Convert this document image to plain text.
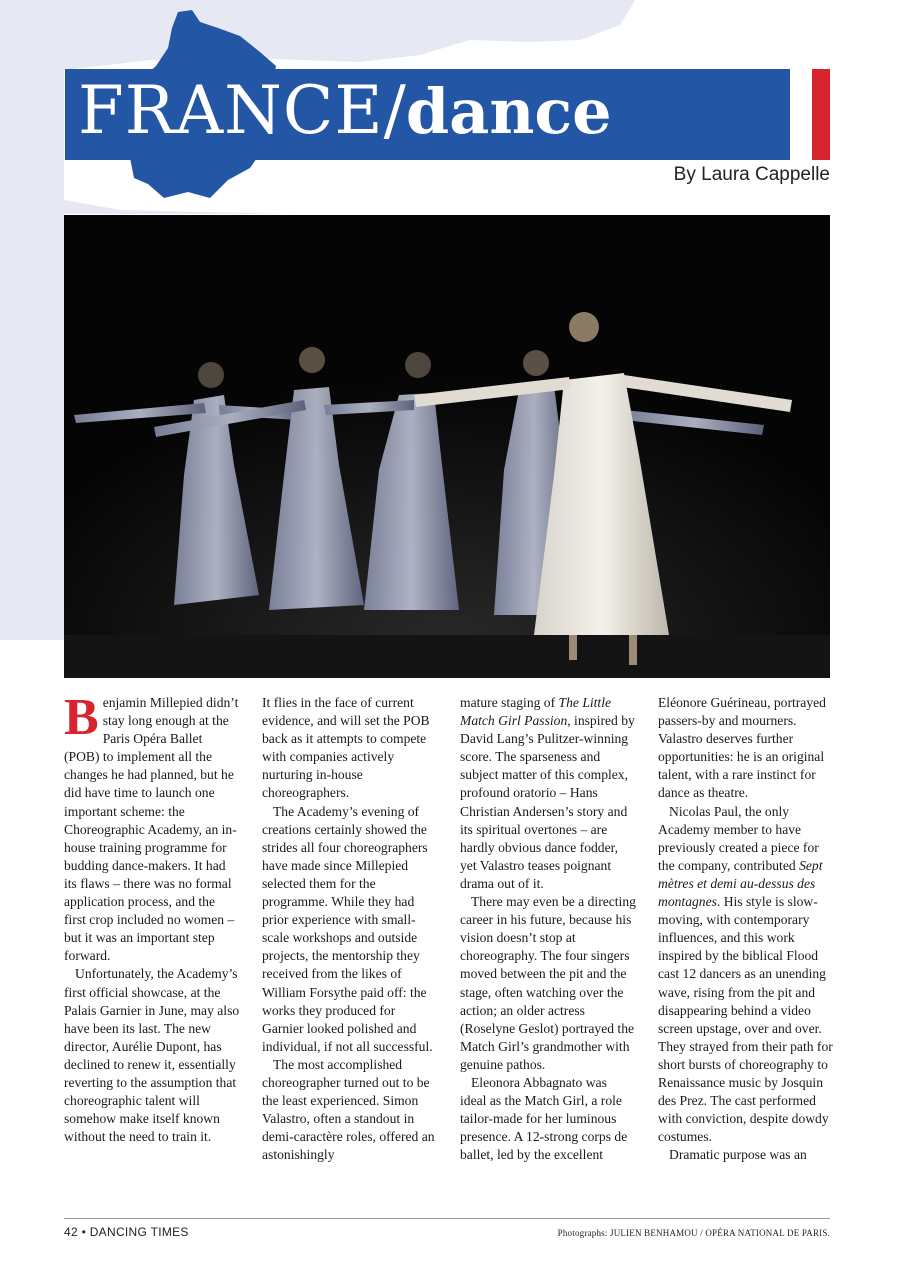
FRANCE / dance
By Laura Cappelle

Benjamin Millepied didn’t stay long enough at the Paris Opéra Ballet (POB) to implement all the changes he had planned, but he did have time to launch one important scheme: the Choreographic Academy, an in-house training programme for budding dance-makers. It had its flaws – there was no formal application process, and the first crop included no women – but it was an important step forward.

Unfortunately, the Academy’s first official showcase, at the Palais Garnier in June, may also have been its last. The new director, Aurélie Dupont, has declined to renew it, essentially reverting to the assumption that choreographic talent will somehow make itself known without the need to train it.

It flies in the face of current evidence, and will set the POB back as it attempts to compete with companies actively nurturing in-house choreographers.

The Academy’s evening of creations certainly showed the strides all four choreographers have made since Millepied selected them for the programme. While they had prior experience with small-scale workshops and outside projects, the mentorship they received from the likes of William Forsythe paid off: the works they produced for Garnier looked polished and individual, if not all successful.

The most accomplished choreographer turned out to be the least experienced. Simon Valastro, often a standout in demi-caractère roles, offered an astonishingly

mature staging of The Little Match Girl Passion, inspired by David Lang’s Pulitzer-winning score. The sparseness and subject matter of this complex, profound oratorio – Hans Christian Andersen’s story and its spiritual overtones – are hardly obvious dance fodder, yet Valastro teases poignant drama out of it.

There may even be a directing career in his future, because his vision doesn’t stop at choreography. The four singers moved between the pit and the stage, often watching over the action; an older actress (Roselyne Geslot) portrayed the Match Girl’s grandmother with genuine pathos.

Eleonora Abbagnato was ideal as the Match Girl, a role tailor-made for her luminous presence. A 12-strong corps de ballet, led by the excellent

Eléonore Guérineau, portrayed passers-by and mourners. Valastro deserves further opportunities: he is an original talent, with a rare instinct for dance as theatre.

Nicolas Paul, the only Academy member to have previously created a piece for the company, contributed Sept mètres et demi au-dessus des montagnes. His style is slow-moving, with contemporary influences, and this work inspired by the biblical Flood cast 12 dancers as an unending wave, rising from the pit and disappearing behind a video screen upstage, over and over. They strayed from their path for short bursts of choreography to Renaissance music by Josquin des Prez. The cast performed with conviction, despite dowdy costumes.

Dramatic purpose was an

42 • DANCING TIMES	Photographs: JULIEN BENHAMOU / OPÉRA NATIONAL DE PARIS.
